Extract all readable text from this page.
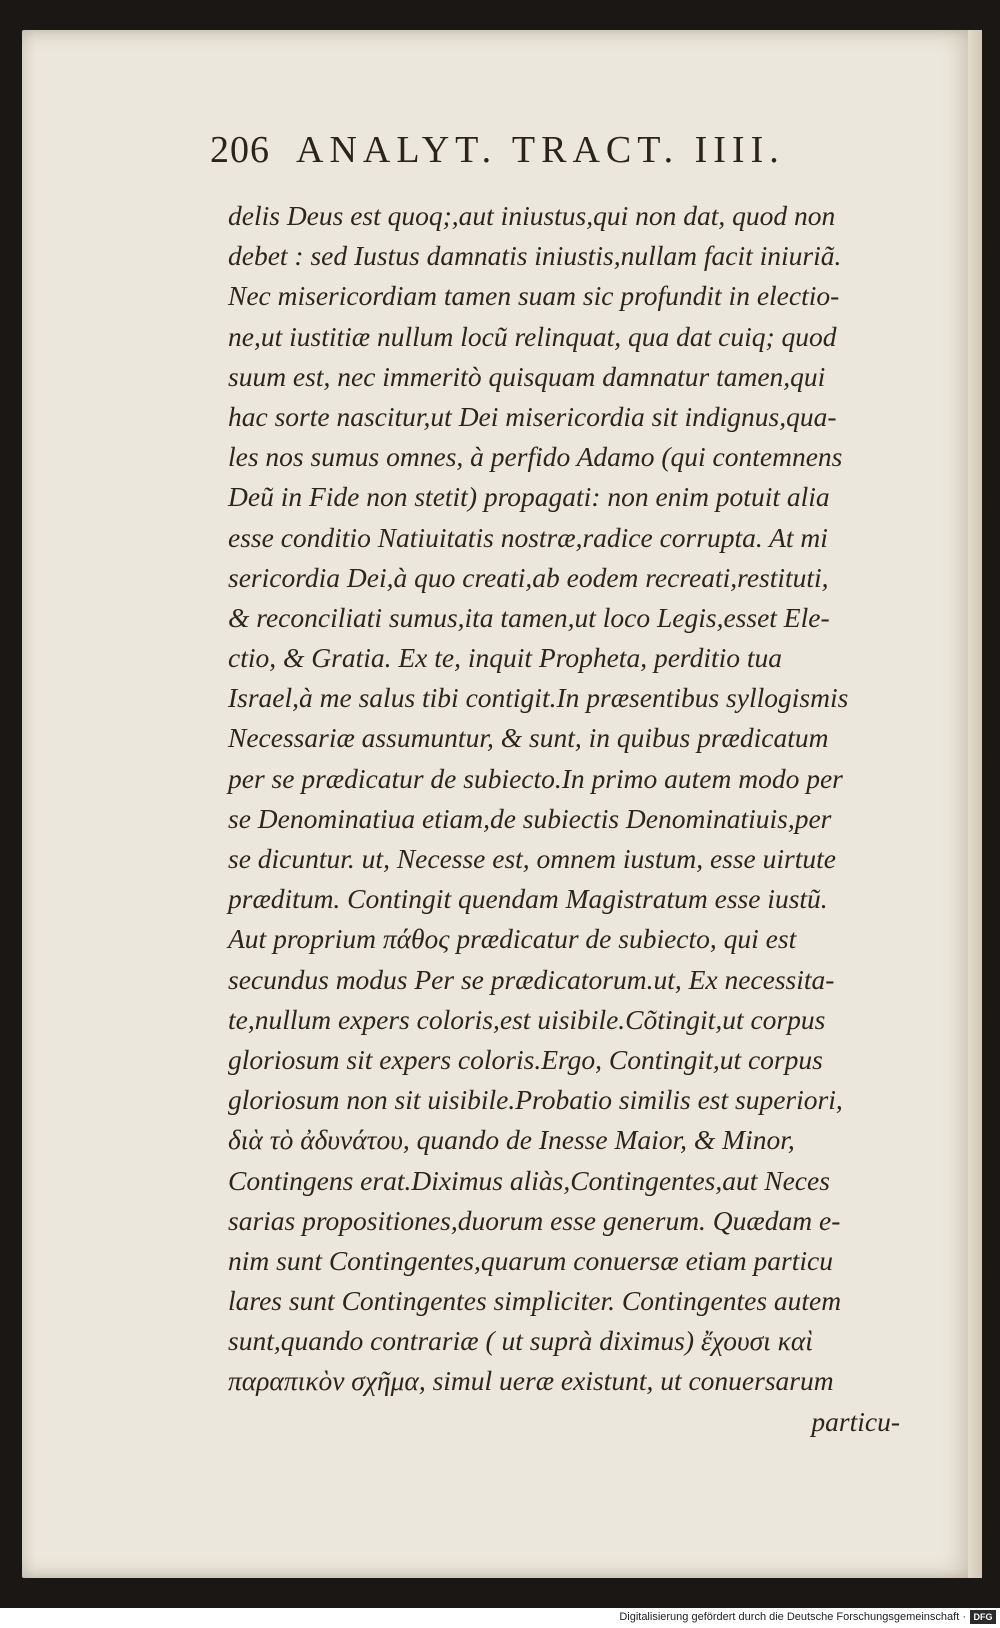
206 ANALYT. TRACT. IIII.
delis Deus est quoq;,aut iniustus,qui non dat, quod non
debet : sed Iustus damnatis iniustis,nullam facit iniuriã.
Nec misericordiam tamen suam sic profundit in electio-
ne,ut iustitiæ nullum locũ relinquat, qua dat cuiq; quod
suum est, nec immeritò quisquam damnatur tamen,qui
hac sorte nascitur,ut Dei misericordia sit indignus,qua-
les nos sumus omnes, à perfido Adamo (qui contemnens
Deũ in Fide non stetit) propagati: non enim potuit alia
esse conditio Natiuitatis nostræ,radice corrupta. At mi
sericordia Dei,à quo creati,ab eodem recreati,restituti,
& reconciliati sumus,ita tamen,ut loco Legis,esset Ele-
ctio, & Gratia. Ex te, inquit Propheta, perditio tua
Israel,à me salus tibi contigit.In præsentibus syllogismis
Necessariæ assumuntur, & sunt, in quibus prædicatum
per se prædicatur de subiecto.In primo autem modo per
se Denominatiua etiam,de subiectis Denominatiuis,per
se dicuntur. ut, Necesse est, omnem iustum, esse uirtute
præditum. Contingit quendam Magistratum esse iustũ.
Aut proprium πάθος prædicatur de subiecto, qui est
secundus modus Per se prædicatorum.ut, Ex necessita-
te,nullum expers coloris,est uisibile.Cõtingit,ut corpus
gloriosum sit expers coloris.Ergo, Contingit,ut corpus
gloriosum non sit uisibile.Probatio similis est superiori,
διὰ τὸ ἀδυνάτου, quando de Inesse Maior, & Minor,
Contingens erat.Diximus aliàs,Contingentes,aut Neces
sarias propositiones,duorum esse generum. Quædam e-
nim sunt Contingentes,quarum conuersæ etiam particu
lares sunt Contingentes simpliciter. Contingentes autem
sunt,quando contrariæ ( ut suprà diximus) ἔχουσι καὶ
παραπικὸν σχῆμα, simul ueræ existunt, ut conuersarum
particu-
Digitalisierung gefördert durch die Deutsche Forschungsgemeinschaft · DFG
